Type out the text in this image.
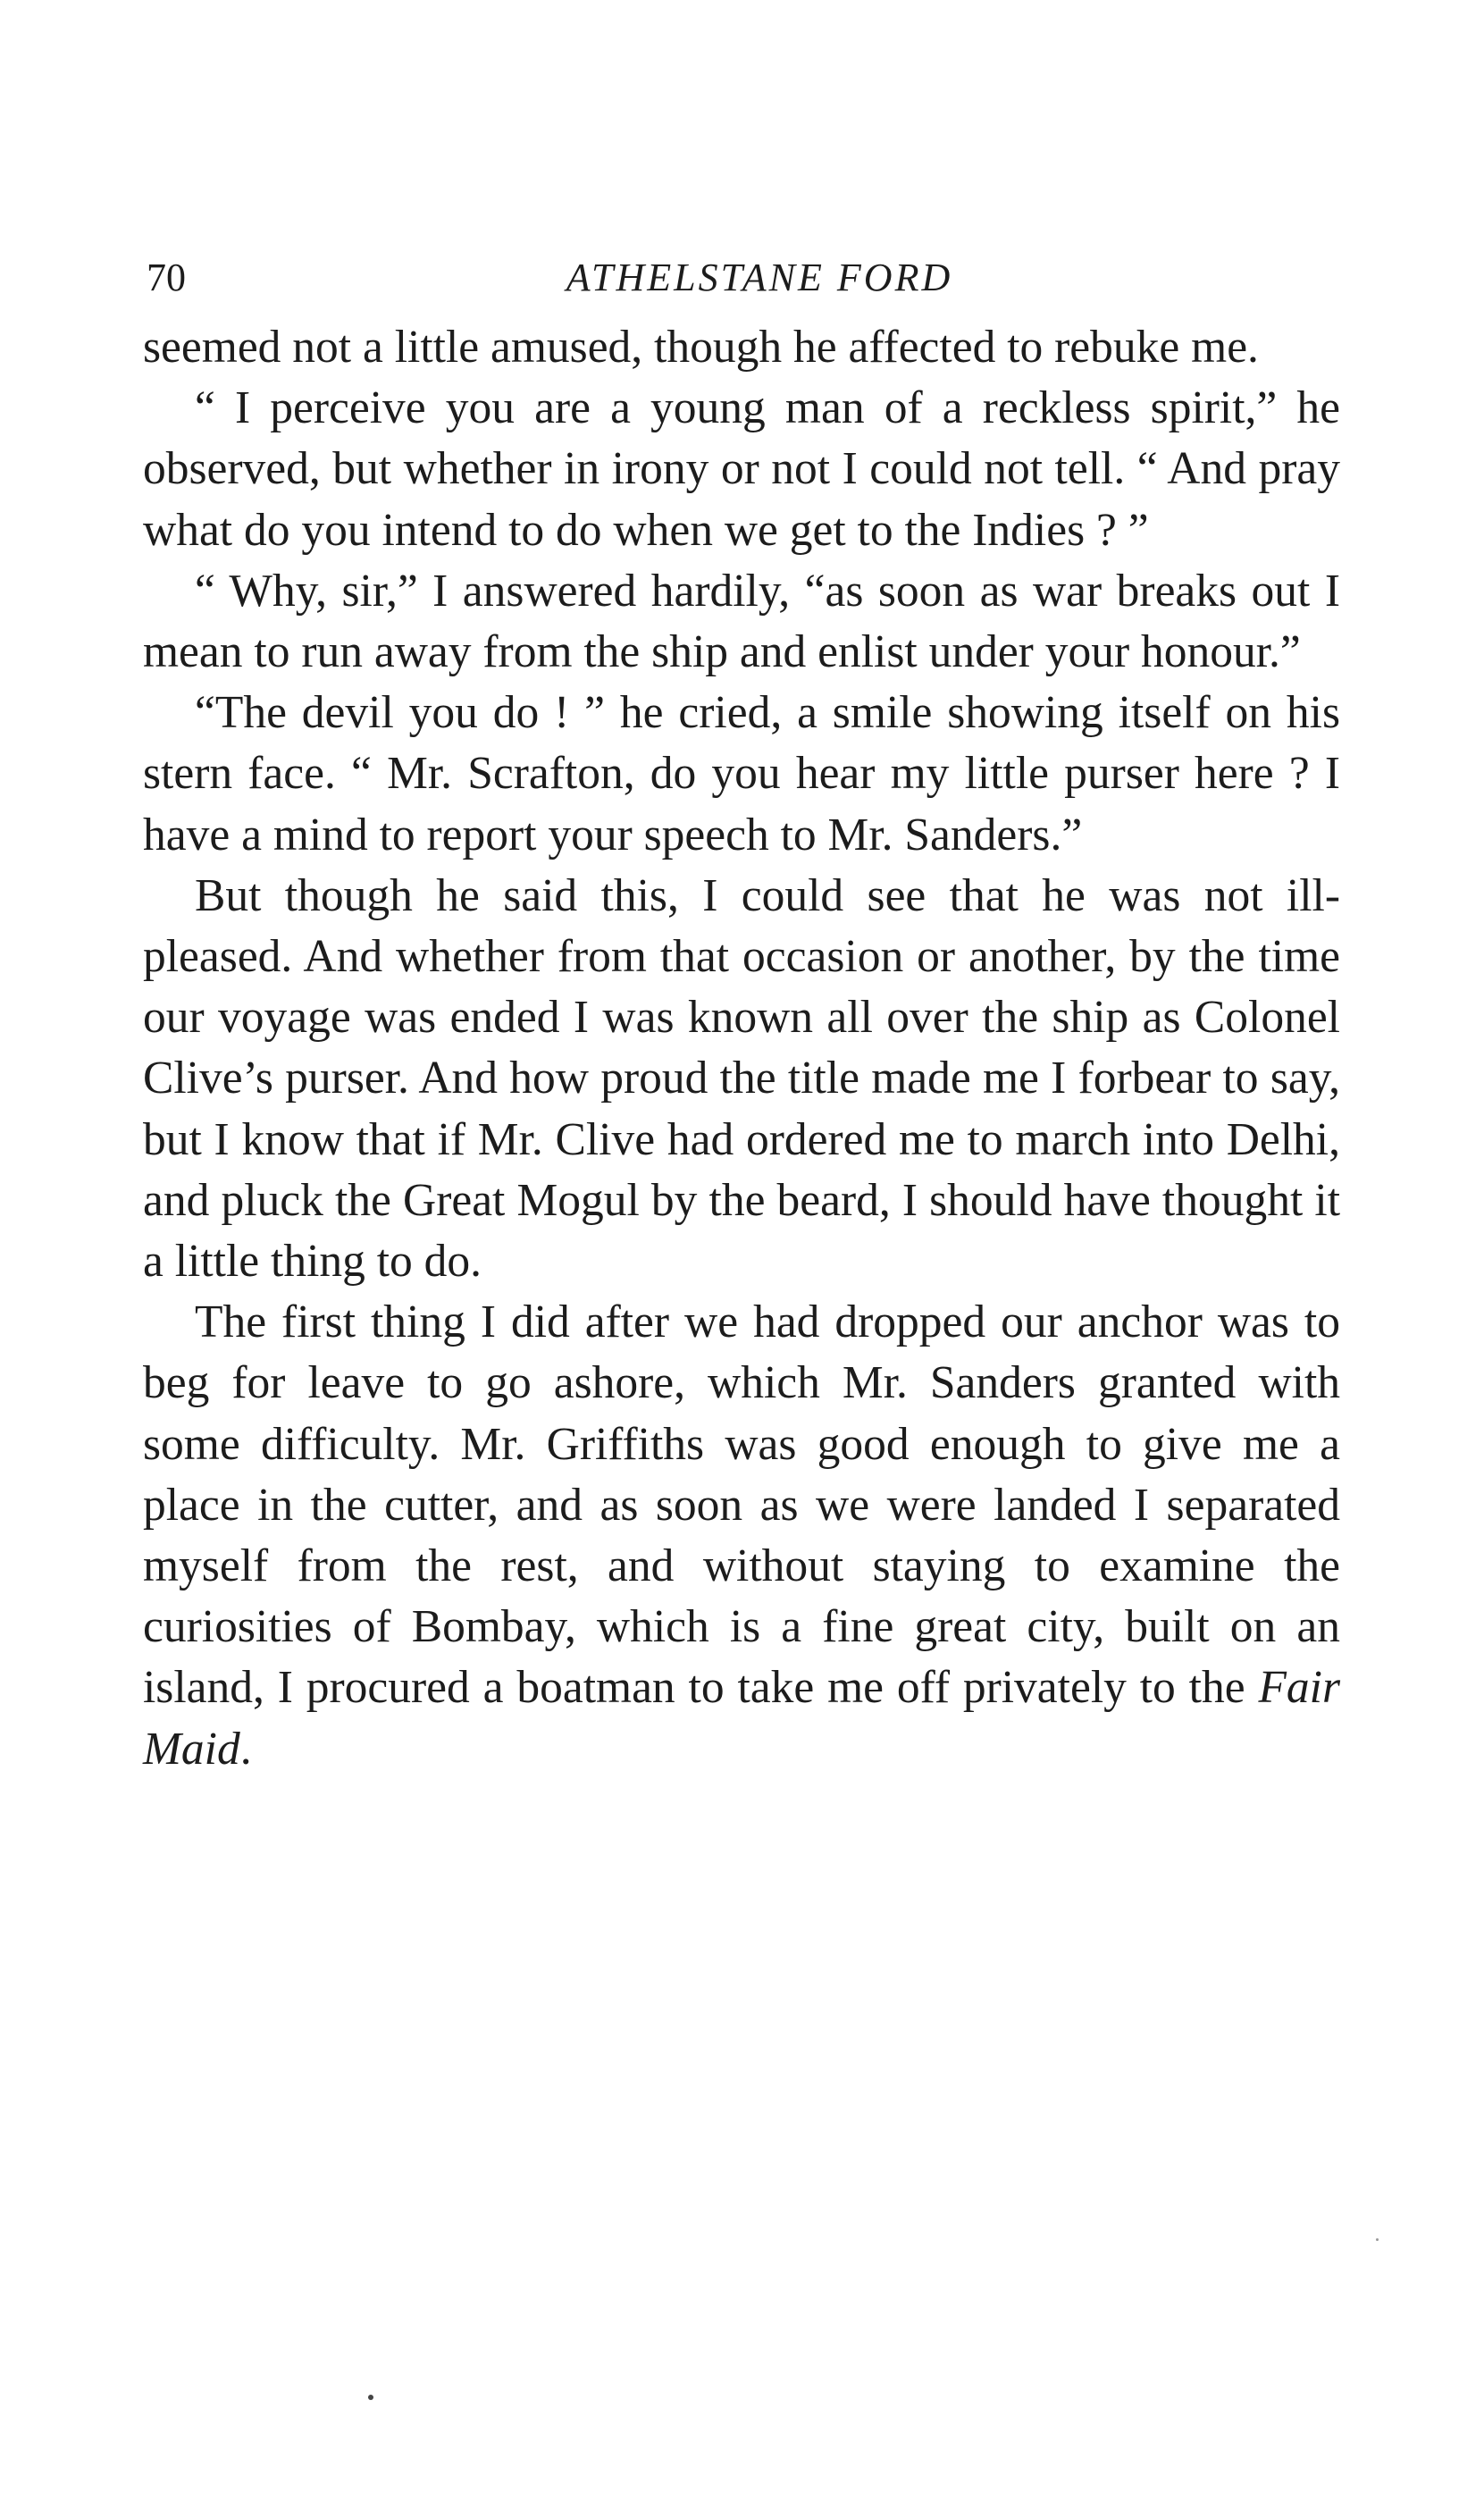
70	ATHELSTANE FORD

seemed not a little amused, though he affected to rebuke me.

“ I perceive you are a young man of a reckless spirit,” he observed, but whether in irony or not I could not tell. “ And pray what do you intend to do when we get to the Indies ? ”

“ Why, sir,” I answered hardily, “as soon as war breaks out I mean to run away from the ship and enlist under your honour.”

“The devil you do ! ” he cried, a smile showing itself on his stern face. “ Mr. Scrafton, do you hear my little purser here ? I have a mind to report your speech to Mr. Sanders.”

But though he said this, I could see that he was not ill-pleased. And whether from that occasion or another, by the time our voyage was ended I was known all over the ship as Colonel Clive’s purser. And how proud the title made me I forbear to say, but I know that if Mr. Clive had ordered me to march into Delhi, and pluck the Great Mogul by the beard, I should have thought it a little thing to do.

The first thing I did after we had dropped our anchor was to beg for leave to go ashore, which Mr. Sanders granted with some difficulty. Mr. Griffiths was good enough to give me a place in the cutter, and as soon as we were landed I separated myself from the rest, and without staying to examine the curiosities of Bombay, which is a fine great city, built on an island, I procured a boatman to take me off privately to the Fair Maid.
